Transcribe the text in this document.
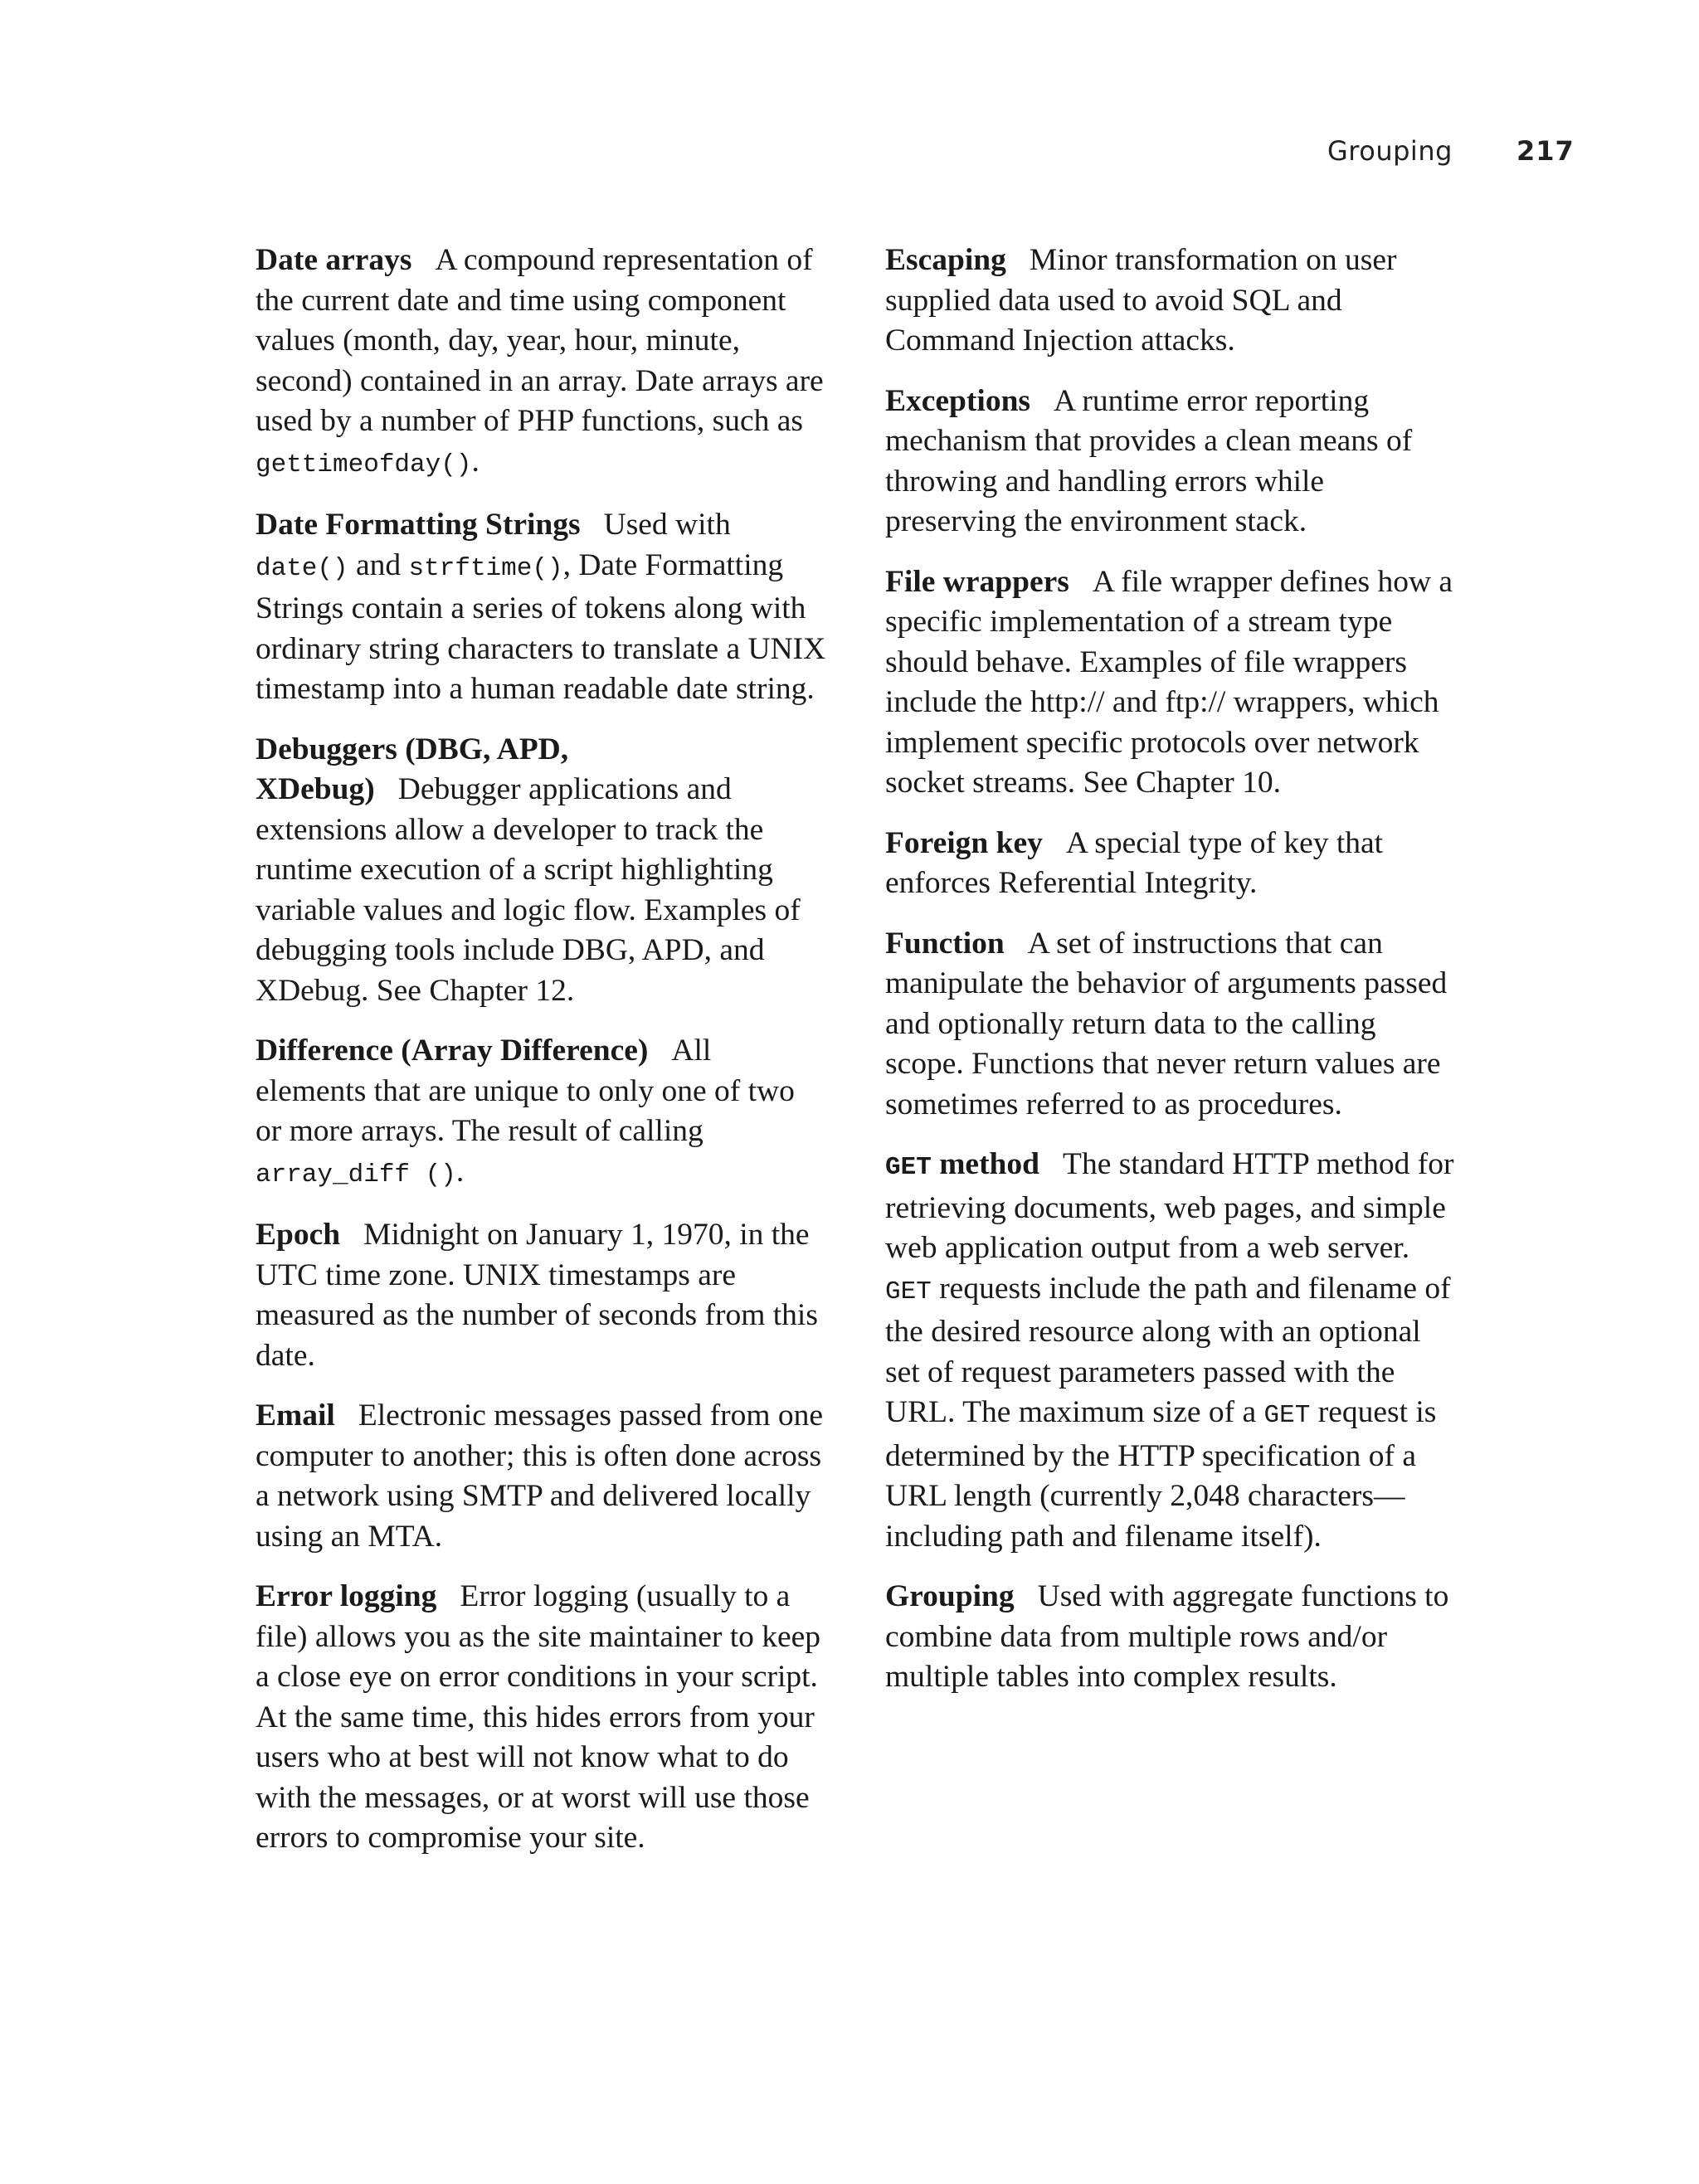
Grouping 217

Date arrays A compound representation of the current date and time using component values (month, day, year, hour, minute, second) contained in an array. Date arrays are used by a number of PHP functions, such as gettimeofday().

Date Formatting Strings Used with date() and strftime(), Date Formatting Strings contain a series of tokens along with ordinary string characters to translate a UNIX timestamp into a human readable date string.

Debuggers (DBG, APD, XDebug) Debugger applications and extensions allow a developer to track the runtime execution of a script highlighting variable values and logic flow. Examples of debugging tools include DBG, APD, and XDebug. See Chapter 12.

Difference (Array Difference) All elements that are unique to only one of two or more arrays. The result of calling array_diff ().

Epoch Midnight on January 1, 1970, in the UTC time zone. UNIX timestamps are measured as the number of seconds from this date.

Email Electronic messages passed from one computer to another; this is often done across a network using SMTP and delivered locally using an MTA.

Error logging Error logging (usually to a file) allows you as the site maintainer to keep a close eye on error conditions in your script. At the same time, this hides errors from your users who at best will not know what to do with the messages, or at worst will use those errors to compromise your site.

Escaping Minor transformation on user supplied data used to avoid SQL and Command Injection attacks.

Exceptions A runtime error reporting mechanism that provides a clean means of throwing and handling errors while preserving the environment stack.

File wrappers A file wrapper defines how a specific implementation of a stream type should behave. Examples of file wrappers include the http:// and ftp:// wrappers, which implement specific protocols over network socket streams. See Chapter 10.

Foreign key A special type of key that enforces Referential Integrity.

Function A set of instructions that can manipulate the behavior of arguments passed and optionally return data to the calling scope. Functions that never return values are sometimes referred to as procedures.

GET method The standard HTTP method for retrieving documents, web pages, and simple web application output from a web server. GET requests include the path and filename of the desired resource along with an optional set of request parameters passed with the URL. The maximum size of a GET request is determined by the HTTP specification of a URL length (currently 2,048 characters—including path and filename itself).

Grouping Used with aggregate functions to combine data from multiple rows and/or multiple tables into complex results.
